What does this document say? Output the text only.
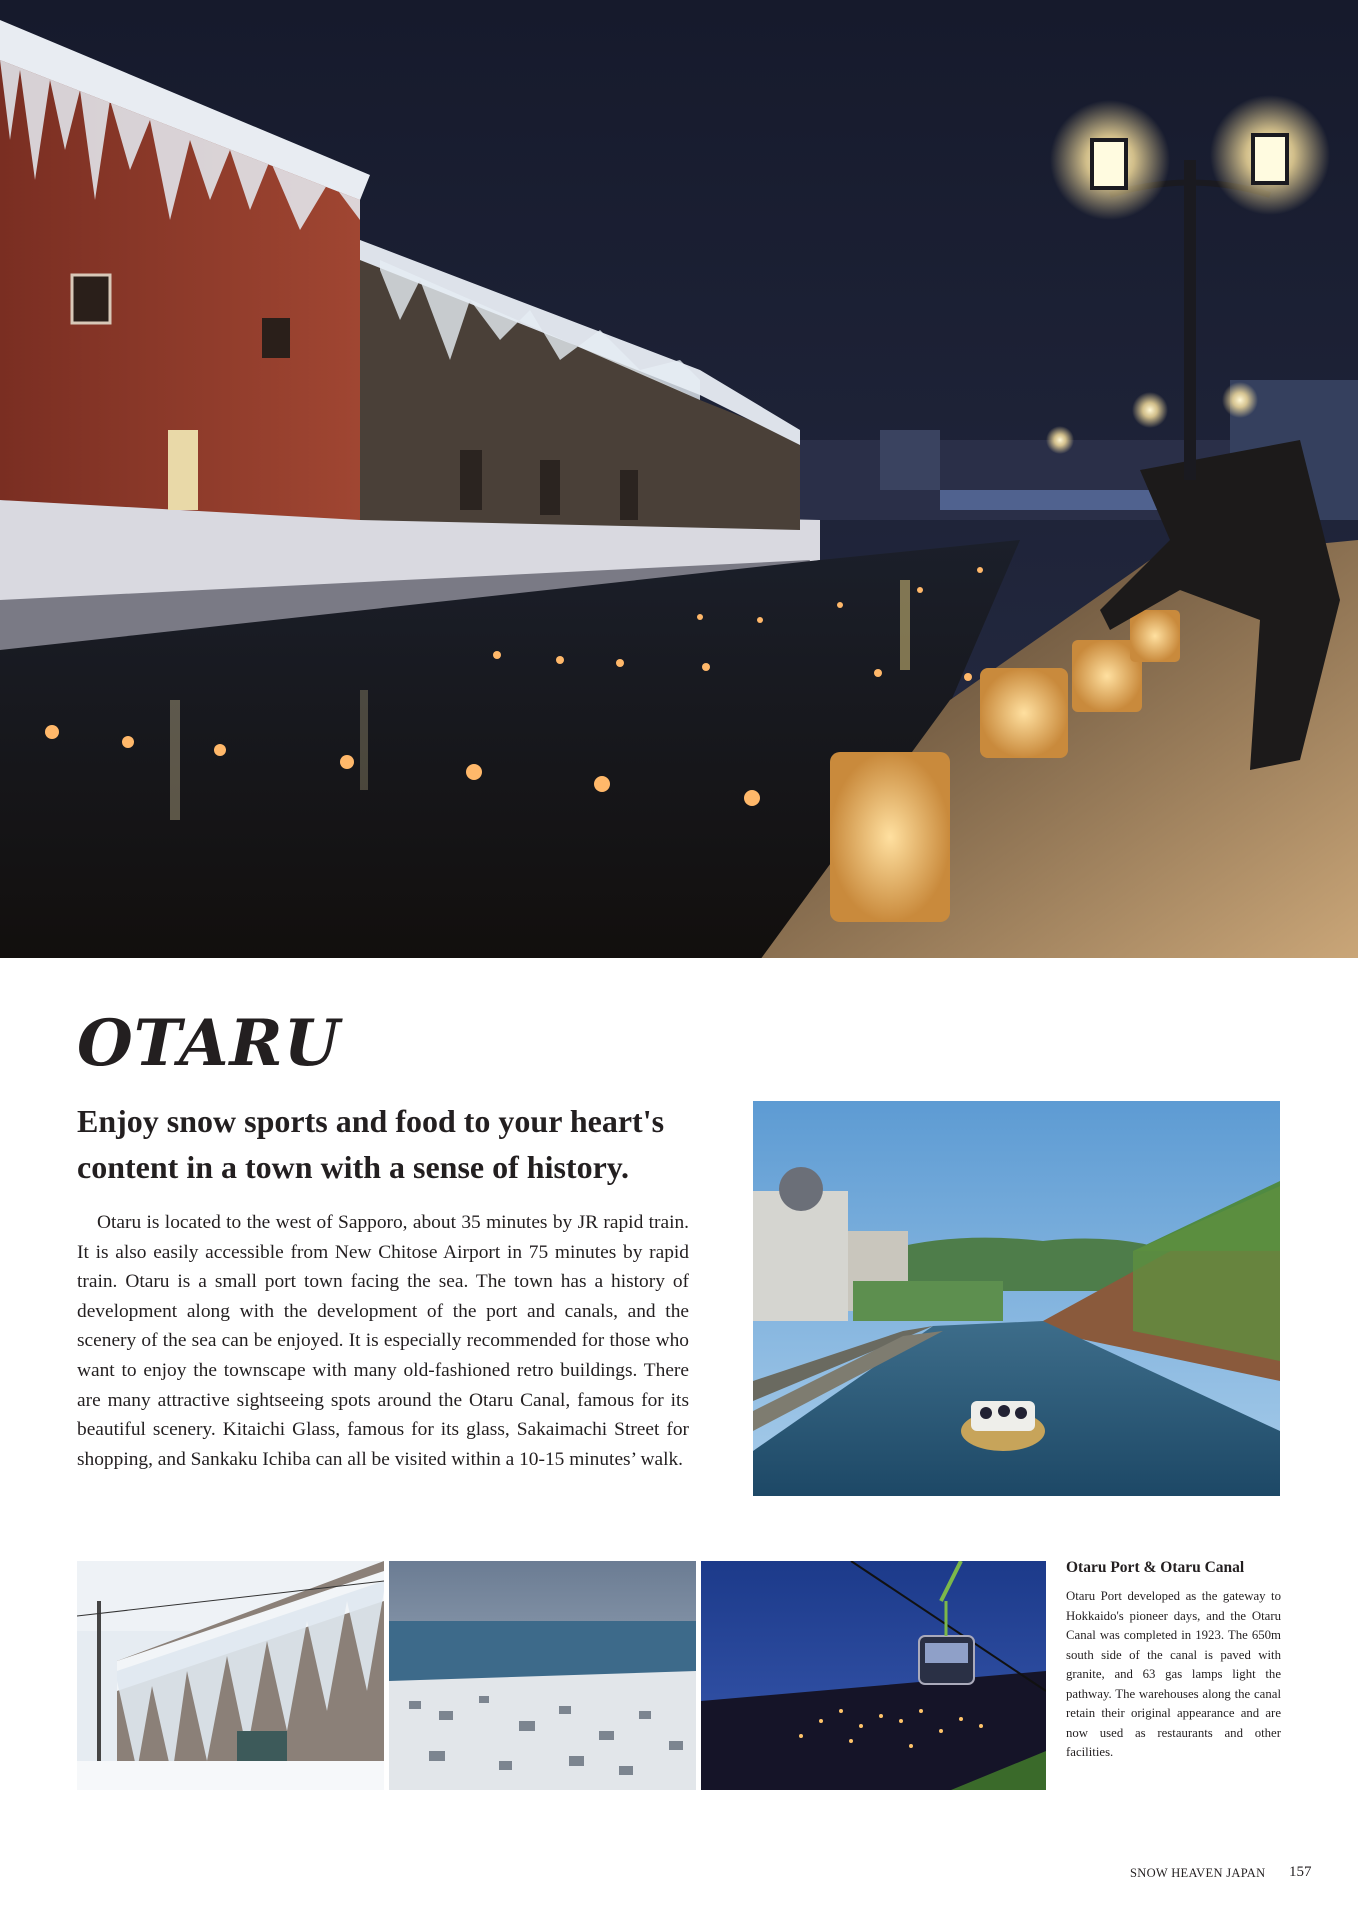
OTARU
Enjoy snow sports and food to your heart's
content in a town with a sense of history.

Otaru is located to the west of Sapporo, about 35 minutes by JR rapid train. It is also easily accessible from New Chitose Airport in 75 minutes by rapid train. Otaru is a small port town facing the sea. The town has a history of development along with the development of the port and canals, and the scenery of the sea can be enjoyed. It is especially recommended for those who want to enjoy the townscape with many old-fashioned retro buildings. There are many attractive sightseeing spots around the Otaru Canal, famous for its beautiful scenery. Kitaichi Glass, famous for its glass, Sakaimachi Street for shopping, and Sankaku Ichiba can all be visited within a 10-15 minutes’ walk.

Otaru Port & Otaru Canal

Otaru Port developed as the gateway to Hokkaido's pioneer days, and the Otaru Canal was completed in 1923. The 650m south side of the canal is paved with granite, and 63 gas lamps light the pathway. The warehouses along the canal retain their original appearance and are now used as restaurants and other facilities.

SNOW HEAVEN JAPAN 157
